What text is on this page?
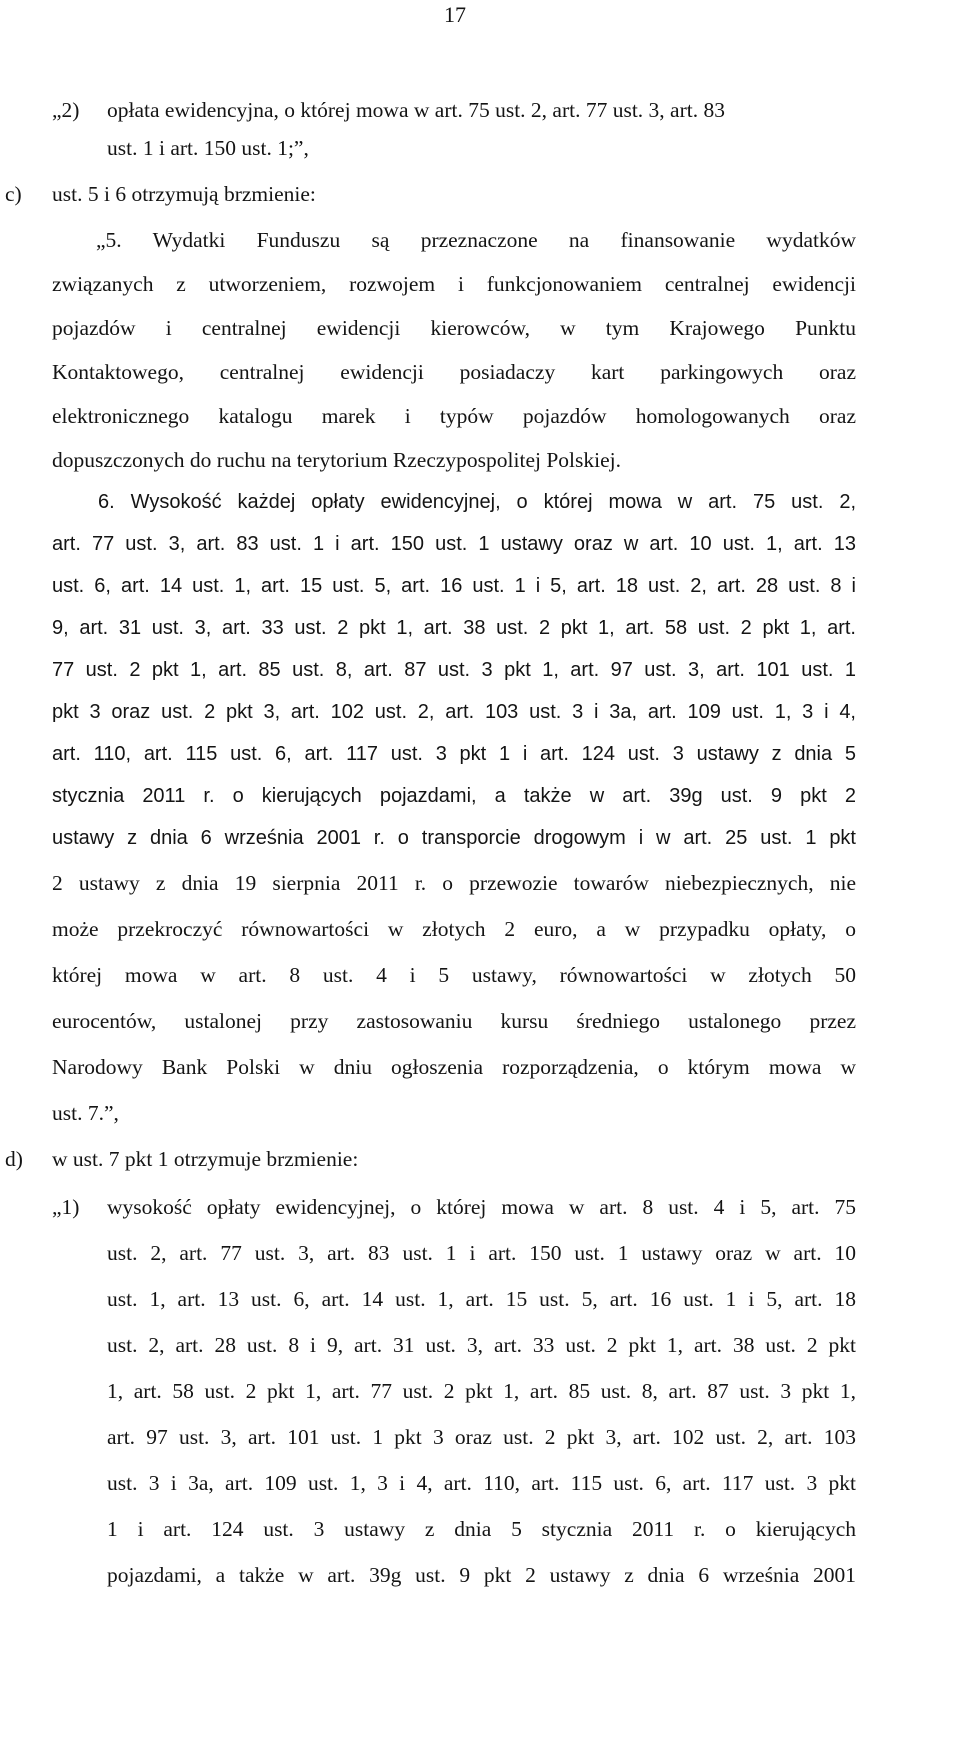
17
„2) opłata ewidencyjna, o której mowa w art. 75 ust. 2, art. 77 ust. 3, art. 83
ust. 1 i art. 150 ust. 1;”,
c) ust. 5 i 6 otrzymują brzmienie:
„5. Wydatki Funduszu są przeznaczone na finansowanie wydatków
związanych z utworzeniem, rozwojem i funkcjonowaniem centralnej ewidencji
pojazdów i centralnej ewidencji kierowców, w tym Krajowego Punktu
Kontaktowego, centralnej ewidencji posiadaczy kart parkingowych oraz
elektronicznego katalogu marek i typów pojazdów homologowanych oraz
dopuszczonych do ruchu na terytorium Rzeczypospolitej Polskiej.
6. Wysokość każdej opłaty ewidencyjnej, o której mowa w art. 75 ust. 2,
art. 77 ust. 3, art. 83 ust. 1 i art. 150 ust. 1 ustawy oraz w art. 10 ust. 1, art. 13
ust. 6, art. 14 ust. 1, art. 15 ust. 5, art. 16 ust. 1 i 5, art. 18 ust. 2, art. 28 ust. 8 i
9, art. 31 ust. 3, art. 33 ust. 2 pkt 1, art. 38 ust. 2 pkt 1, art. 58 ust. 2 pkt 1, art.
77 ust. 2 pkt 1, art. 85 ust. 8, art. 87 ust. 3 pkt 1, art. 97 ust. 3, art. 101 ust. 1
pkt 3 oraz ust. 2 pkt 3, art. 102 ust. 2, art. 103 ust. 3 i 3a, art. 109 ust. 1, 3 i 4,
art. 110, art. 115 ust. 6, art. 117 ust. 3 pkt 1 i art. 124 ust. 3 ustawy z dnia 5
stycznia 2011 r. o kierujących pojazdami, a także w art. 39g ust. 9 pkt 2
ustawy z dnia 6 września 2001 r. o transporcie drogowym i w art. 25 ust. 1 pkt
2 ustawy z dnia 19 sierpnia 2011 r. o przewozie towarów niebezpiecznych, nie
może przekroczyć równowartości w złotych 2 euro, a w przypadku opłaty, o
której mowa w art. 8 ust. 4 i 5 ustawy, równowartości w złotych 50
eurocentów, ustalonej przy zastosowaniu kursu średniego ustalonego przez
Narodowy Bank Polski w dniu ogłoszenia rozporządzenia, o którym mowa w
ust. 7.”,
d) w ust. 7 pkt 1 otrzymuje brzmienie:
„1) wysokość opłaty ewidencyjnej, o której mowa w art. 8 ust. 4 i 5, art. 75
ust. 2, art. 77 ust. 3, art. 83 ust. 1 i art. 150 ust. 1 ustawy oraz w art. 10
ust. 1, art. 13 ust. 6, art. 14 ust. 1, art. 15 ust. 5, art. 16 ust. 1 i 5, art. 18
ust. 2, art. 28 ust. 8 i 9, art. 31 ust. 3, art. 33 ust. 2 pkt 1, art. 38 ust. 2 pkt
1, art. 58 ust. 2 pkt 1, art. 77 ust. 2 pkt 1, art. 85 ust. 8, art. 87 ust. 3 pkt 1,
art. 97 ust. 3, art. 101 ust. 1 pkt 3 oraz ust. 2 pkt 3, art. 102 ust. 2, art. 103
ust. 3 i 3a, art. 109 ust. 1, 3 i 4, art. 110, art. 115 ust. 6, art. 117 ust. 3 pkt
1 i art. 124 ust. 3 ustawy z dnia 5 stycznia 2011 r. o kierujących
pojazdami, a także w art. 39g ust. 9 pkt 2 ustawy z dnia 6 września 2001
